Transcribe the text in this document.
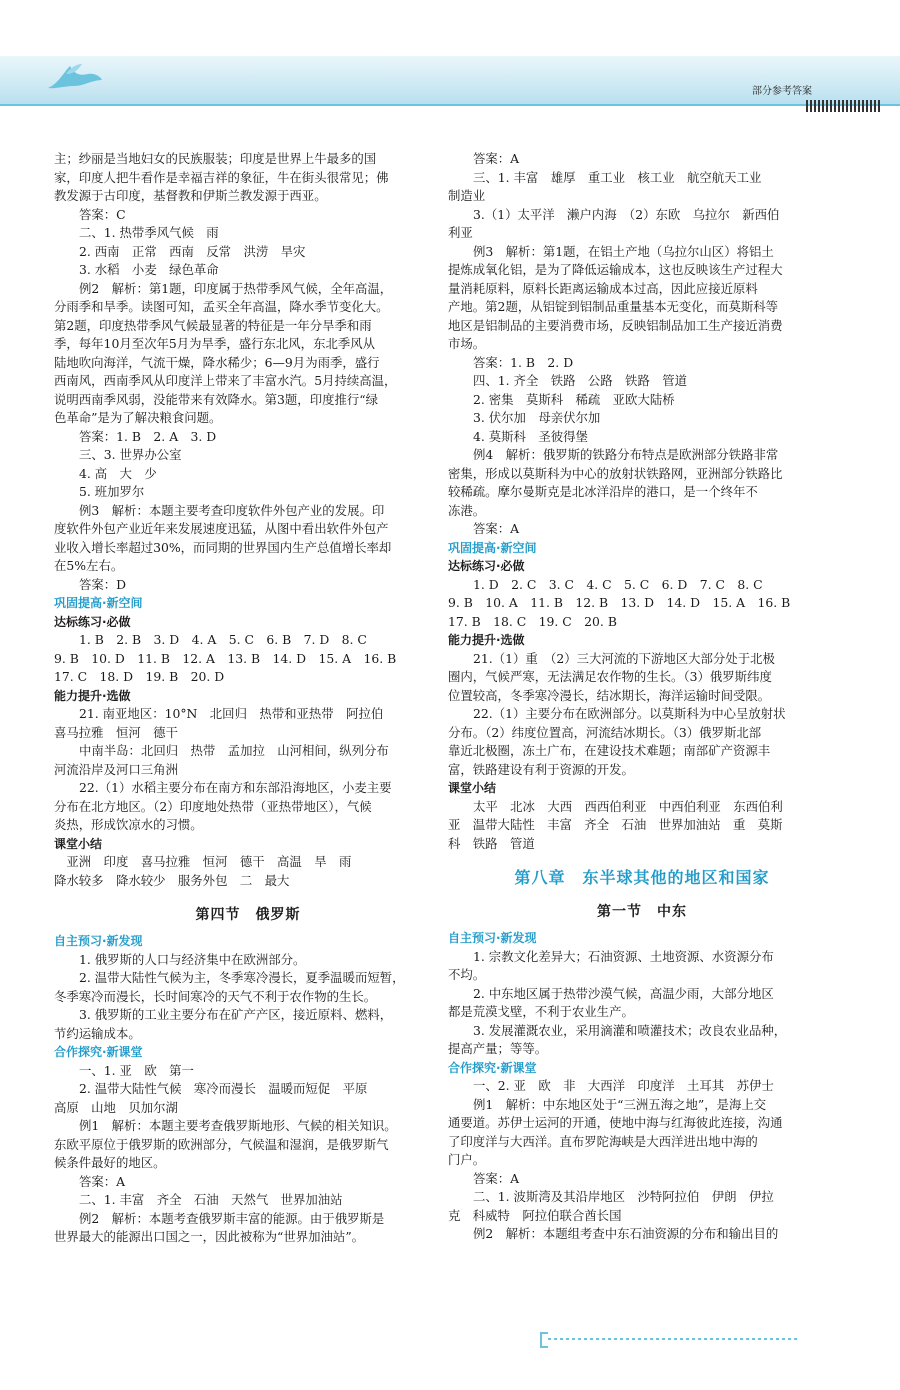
部分参考答案
主；纱丽是当地妇女的民族服装；印度是世界上牛最多的国
家，印度人把牛看作是幸福吉祥的象征，牛在街头很常见；佛
教发源于古印度，基督教和伊斯兰教发源于西亚。
答案：C
二、1. 热带季风气候　雨
2. 西南　正常　西南　反常　洪涝　旱灾
3. 水稻　小麦　绿色革命
例2　解析：第1题，印度属于热带季风气候，全年高温，
分雨季和旱季。读图可知，孟买全年高温，降水季节变化大。
第2题，印度热带季风气候最显著的特征是一年分旱季和雨
季，每年10月至次年5月为旱季，盛行东北风，东北季风从
陆地吹向海洋，气流干燥，降水稀少；6—9月为雨季，盛行
西南风，西南季风从印度洋上带来了丰富水汽。5月持续高温，
说明西南季风弱，没能带来有效降水。第3题，印度推行“绿
色革命”是为了解决粮食问题。
答案：1. B　2. A　3. D
三、3. 世界办公室
4. 高　大　少
5. 班加罗尔
例3　解析：本题主要考查印度软件外包产业的发展。印
度软件外包产业近年来发展速度迅猛，从图中看出软件外包产
业收入增长率超过30%，而同期的世界国内生产总值增长率却
在5%左右。
答案：D
巩固提高·新空间
达标练习·必做
1. B　2. B　3. D　4. A　5. C　6. B　7. D　8. C
9. B　10. D　11. B　12. A　13. B　14. D　15. A　16. B
17. C　18. D　19. B　20. D
能力提升·选做
21. 南亚地区：10°N　北回归　热带和亚热带　阿拉伯
喜马拉雅　恒河　德干
中南半岛：北回归　热带　孟加拉　山河相间，纵列分布
河流沿岸及河口三角洲
22.（1）水稻主要分布在南方和东部沿海地区，小麦主要
分布在北方地区。（2）印度地处热带（亚热带地区），气候
炎热，形成饮凉水的习惯。
课堂小结
　亚洲　印度　喜马拉雅　恒河　德干　高温　旱　雨
降水较多　降水较少　服务外包　二　最大
第四节　俄罗斯
自主预习·新发现
1. 俄罗斯的人口与经济集中在欧洲部分。
2. 温带大陆性气候为主，冬季寒冷漫长，夏季温暖而短暂，
冬季寒冷而漫长，长时间寒冷的天气不利于农作物的生长。
3. 俄罗斯的工业主要分布在矿产产区，接近原料、燃料，
节约运输成本。
合作探究·新课堂
一、1. 亚　欧　第一
2. 温带大陆性气候　寒冷而漫长　温暖而短促　平原
高原　山地　贝加尔湖
例1　解析：本题主要考查俄罗斯地形、气候的相关知识。
东欧平原位于俄罗斯的欧洲部分，气候温和湿润，是俄罗斯气
候条件最好的地区。
答案：A
二、1. 丰富　齐全　石油　天然气　世界加油站
例2　解析：本题考查俄罗斯丰富的能源。由于俄罗斯是
世界最大的能源出口国之一，因此被称为“世界加油站”。
答案：A
三、1. 丰富　雄厚　重工业　核工业　航空航天工业
制造业
3.（1）太平洋　濑户内海　（2）东欧　乌拉尔　新西伯
利亚
例3　解析：第1题，在铝土产地（乌拉尔山区）将铝土
提炼成氧化铝，是为了降低运输成本，这也反映该生产过程大
量消耗原料，原料长距离运输成本过高，因此应接近原料
产地。第2题，从铝锭到铝制品重量基本无变化，而莫斯科等
地区是铝制品的主要消费市场，反映铝制品加工生产接近消费
市场。
答案：1. B　2. D
四、1. 齐全　铁路　公路　铁路　管道
2. 密集　莫斯科　稀疏　亚欧大陆桥
3. 伏尔加　母亲伏尔加
4. 莫斯科　圣彼得堡
例4　解析：俄罗斯的铁路分布特点是欧洲部分铁路非常
密集，形成以莫斯科为中心的放射状铁路网，亚洲部分铁路比
较稀疏。摩尔曼斯克是北冰洋沿岸的港口，是一个终年不
冻港。
答案：A
巩固提高·新空间
达标练习·必做
1. D　2. C　3. C　4. C　5. C　6. D　7. C　8. C
9. B　10. A　11. B　12. B　13. D　14. D　15. A　16. B
17. B　18. C　19. C　20. B
能力提升·选做
21.（1）重　（2）三大河流的下游地区大部分处于北极
圈内，气候严寒，无法满足农作物的生长。（3）俄罗斯纬度
位置较高，冬季寒冷漫长，结冰期长，海洋运输时间受限。
22.（1）主要分布在欧洲部分。以莫斯科为中心呈放射状
分布。（2）纬度位置高，河流结冰期长。（3）俄罗斯北部
靠近北极圈，冻土广布，在建设技术难题；南部矿产资源丰
富，铁路建设有利于资源的开发。
课堂小结
太平　北冰　大西　西西伯利亚　中西伯利亚　东西伯利
亚　温带大陆性　丰富　齐全　石油　世界加油站　重　莫斯
科　铁路　管道
第八章　东半球其他的地区和国家
第一节　中东
自主预习·新发现
1. 宗教文化差异大；石油资源、土地资源、水资源分布
不均。
2. 中东地区属于热带沙漠气候，高温少雨，大部分地区
都是荒漠戈壁，不利于农业生产。
3. 发展灌溉农业，采用滴灌和喷灌技术；改良农业品种，
提高产量；等等。
合作探究·新课堂
一、2. 亚　欧　非　大西洋　印度洋　土耳其　苏伊士
例1　解析：中东地区处于“三洲五海之地”，是海上交
通要道。苏伊士运河的开通，使地中海与红海彼此连接，沟通
了印度洋与大西洋。直布罗陀海峡是大西洋进出地中海的
门户。
答案：A
二、1. 波斯湾及其沿岸地区　沙特阿拉伯　伊朗　伊拉
克　科威特　阿拉伯联合酋长国
例2　解析：本题组考查中东石油资源的分布和输出目的
